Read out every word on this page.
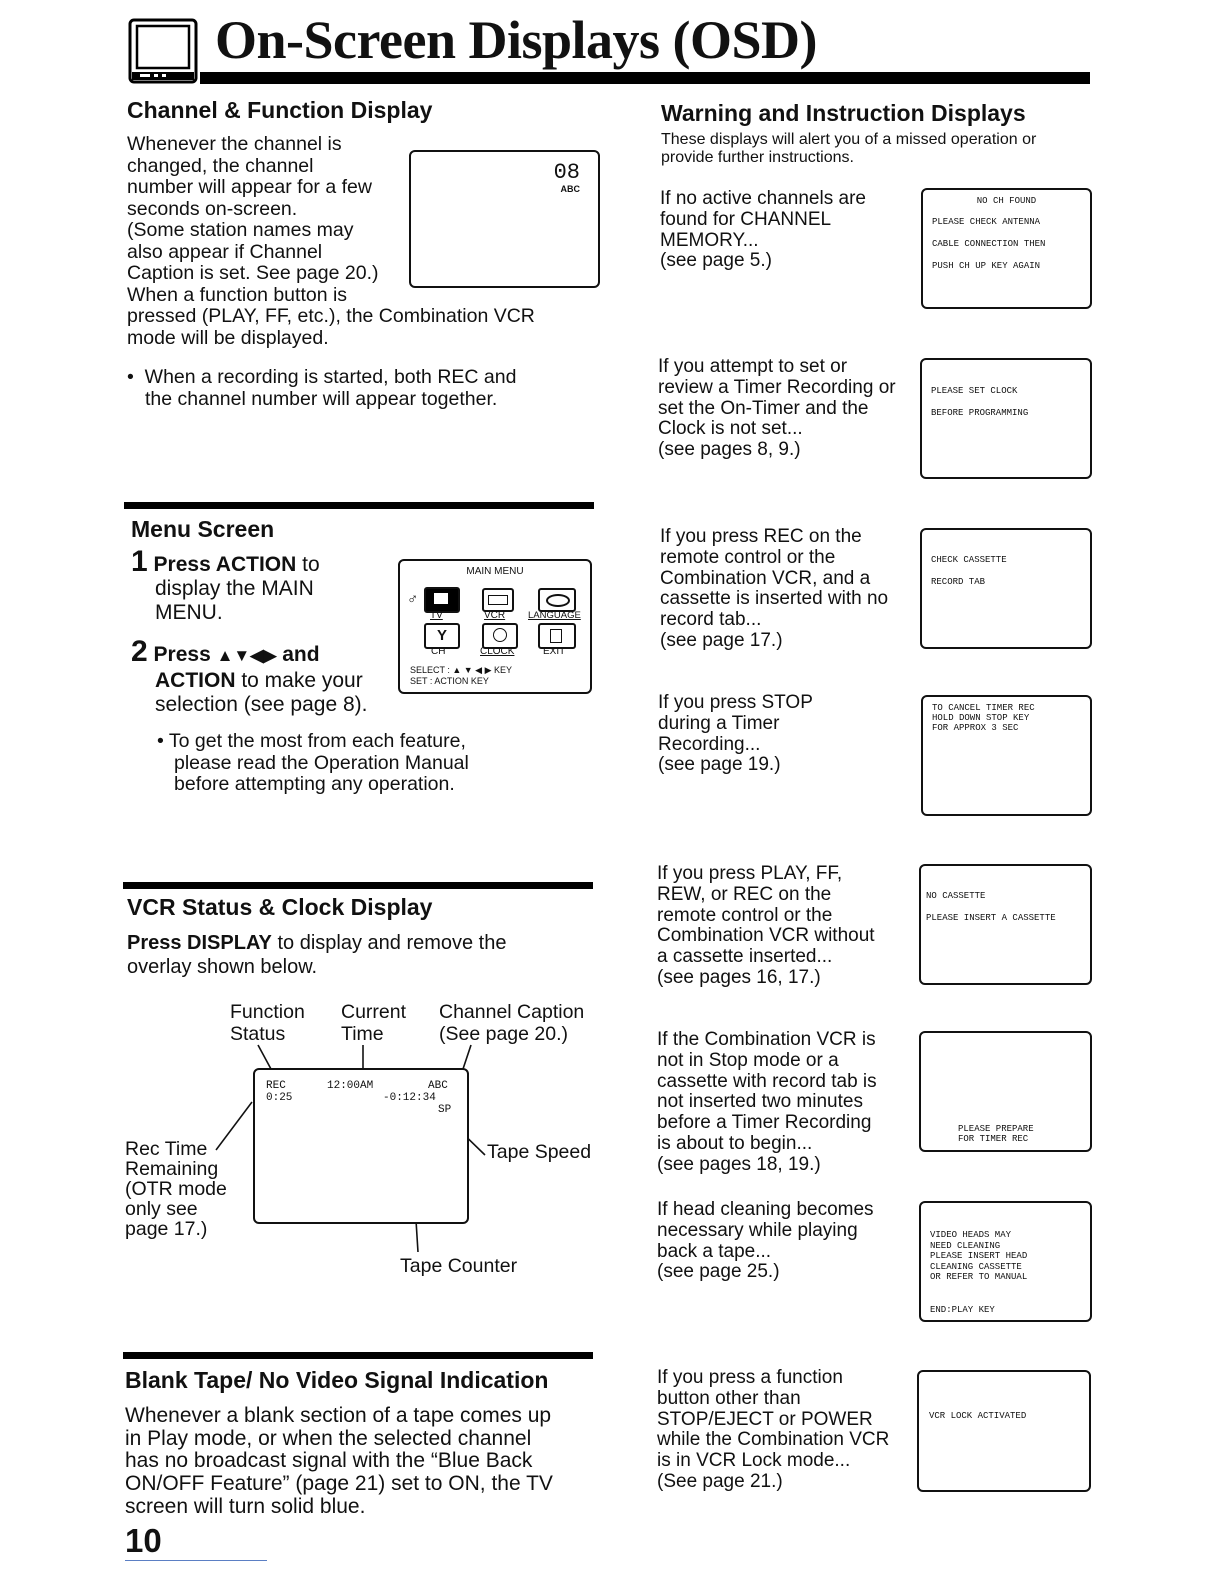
On-Screen Displays (OSD)
Channel & Function Display
Whenever the channel is
changed, the channel
number will appear for a few
seconds on-screen.
(Some station names may
also appear if Channel
Caption is set. See page 20.)
When a function button is
pressed (PLAY, FF, etc.), the Combination VCR
mode will be displayed.
•  When a recording is started, both REC and
the channel number will appear together.
08
ABC
Menu Screen
1 Press ACTION to
display the MAIN
MENU.
2 Press ▲▼◀▶ and
ACTION to make your
selection (see page 8).
• To get the most from each feature,
please read the Operation Manual
before attempting any operation.
MAIN MENU
♂
TV	VCR LANGUAGE
Y
CH	CLOCK	EXIT
SELECT : ▲ ▼ ◀ ▶ KEY
SET : ACTION KEY
VCR Status & Clock Display
Press DISPLAY to display and remove the
overlay shown below.
Function
Status
Current
Time
Channel Caption
(See page 20.)
Rec Time
Remaining
(OTR mode
only see
page 17.)
Tape Speed
Tape Counter
REC
0:25
12:00AM	ABC
-0:12:34
SP
Blank Tape/ No Video Signal Indication
Whenever a blank section of a tape comes up
in Play mode, or when the selected channel
has no broadcast signal with the “Blue Back
ON/OFF Feature” (page 21) set to ON, the TV
screen will turn solid blue.
10
Warning and Instruction Displays
These displays will alert you of a missed operation or
provide further instructions.
If no active channels are
found for CHANNEL
MEMORY...
(see page 5.)
NO CH FOUND
PLEASE CHECK ANTENNA
CABLE CONNECTION THEN
PUSH CH UP KEY AGAIN
If you attempt to set or
review a Timer Recording or
set the On-Timer and the
Clock is not set...
(see pages 8, 9.)
PLEASE SET CLOCK
BEFORE PROGRAMMING
If you press REC on the
remote control or the
Combination VCR, and a
cassette is inserted with no
record tab...
(see page 17.)
CHECK CASSETTE
RECORD TAB
If you press STOP
during a Timer
Recording...
(see page 19.)
TO CANCEL TIMER REC
HOLD DOWN STOP KEY
FOR APPROX 3 SEC
If you press PLAY, FF,
REW, or REC on the
remote control or the
Combination VCR without
a cassette inserted...
(see pages 16, 17.)
NO CASSETTE
PLEASE INSERT A CASSETTE
If the Combination VCR is
not in Stop mode or a
cassette with record tab is
not inserted two minutes
before a Timer Recording
is about to begin...
(see pages 18, 19.)
PLEASE PREPARE
FOR TIMER REC
If head cleaning becomes
necessary while playing
back a tape...
(see page 25.)
VIDEO HEADS MAY
NEED CLEANING
PLEASE INSERT HEAD
CLEANING CASSETTE
OR REFER TO MANUAL
END:PLAY KEY
If you press a function
button other than
STOP/EJECT or POWER
while the Combination VCR
is in VCR Lock mode...
(See page 21.)
VCR LOCK ACTIVATED
